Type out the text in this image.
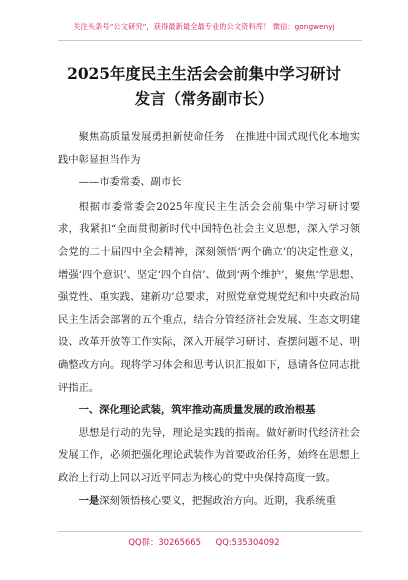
关注头条号“公文研究”，获得最新最全最专业的公文资料库！ 微信：gongwenyj
2025年度民主生活会会前集中学习研讨
发言（常务副市长）

聚焦高质量发展勇担新使命任务　在推进中国式现代化本地实践中彰显担当作为

——市委常委、副市长

根据市委常委会2025年度民主生活会会前集中学习研讨要求，我紧扣“全面贯彻新时代中国特色社会主义思想，深入学习领会党的二十届四中全会精神，深刻领悟‘两个确立’的决定性意义，增强‘四个意识’、坚定‘四个自信’、做到‘两个维护’，聚焦‘学思想、强党性、重实践、建新功’总要求，对照党章党规党纪和中央政治局民主生活会部署的五个重点，结合分管经济社会发展、生态文明建设、改革开放等工作实际，深入开展学习研讨、查摆问题不足、明确整改方向。现将学习体会和思考认识汇报如下，恳请各位同志批评指正。

一、深化理论武装，筑牢推动高质量发展的政治根基

思想是行动的先导，理论是实践的指南。做好新时代经济社会发展工作，必须把强化理论武装作为首要政治任务，始终在思想上政治上行动上同以习近平同志为核心的党中央保持高度一致。

一是深刻领悟核心要义，把握政治方向。近期，我系统重

QQ群：30265665 QQ:535304092
